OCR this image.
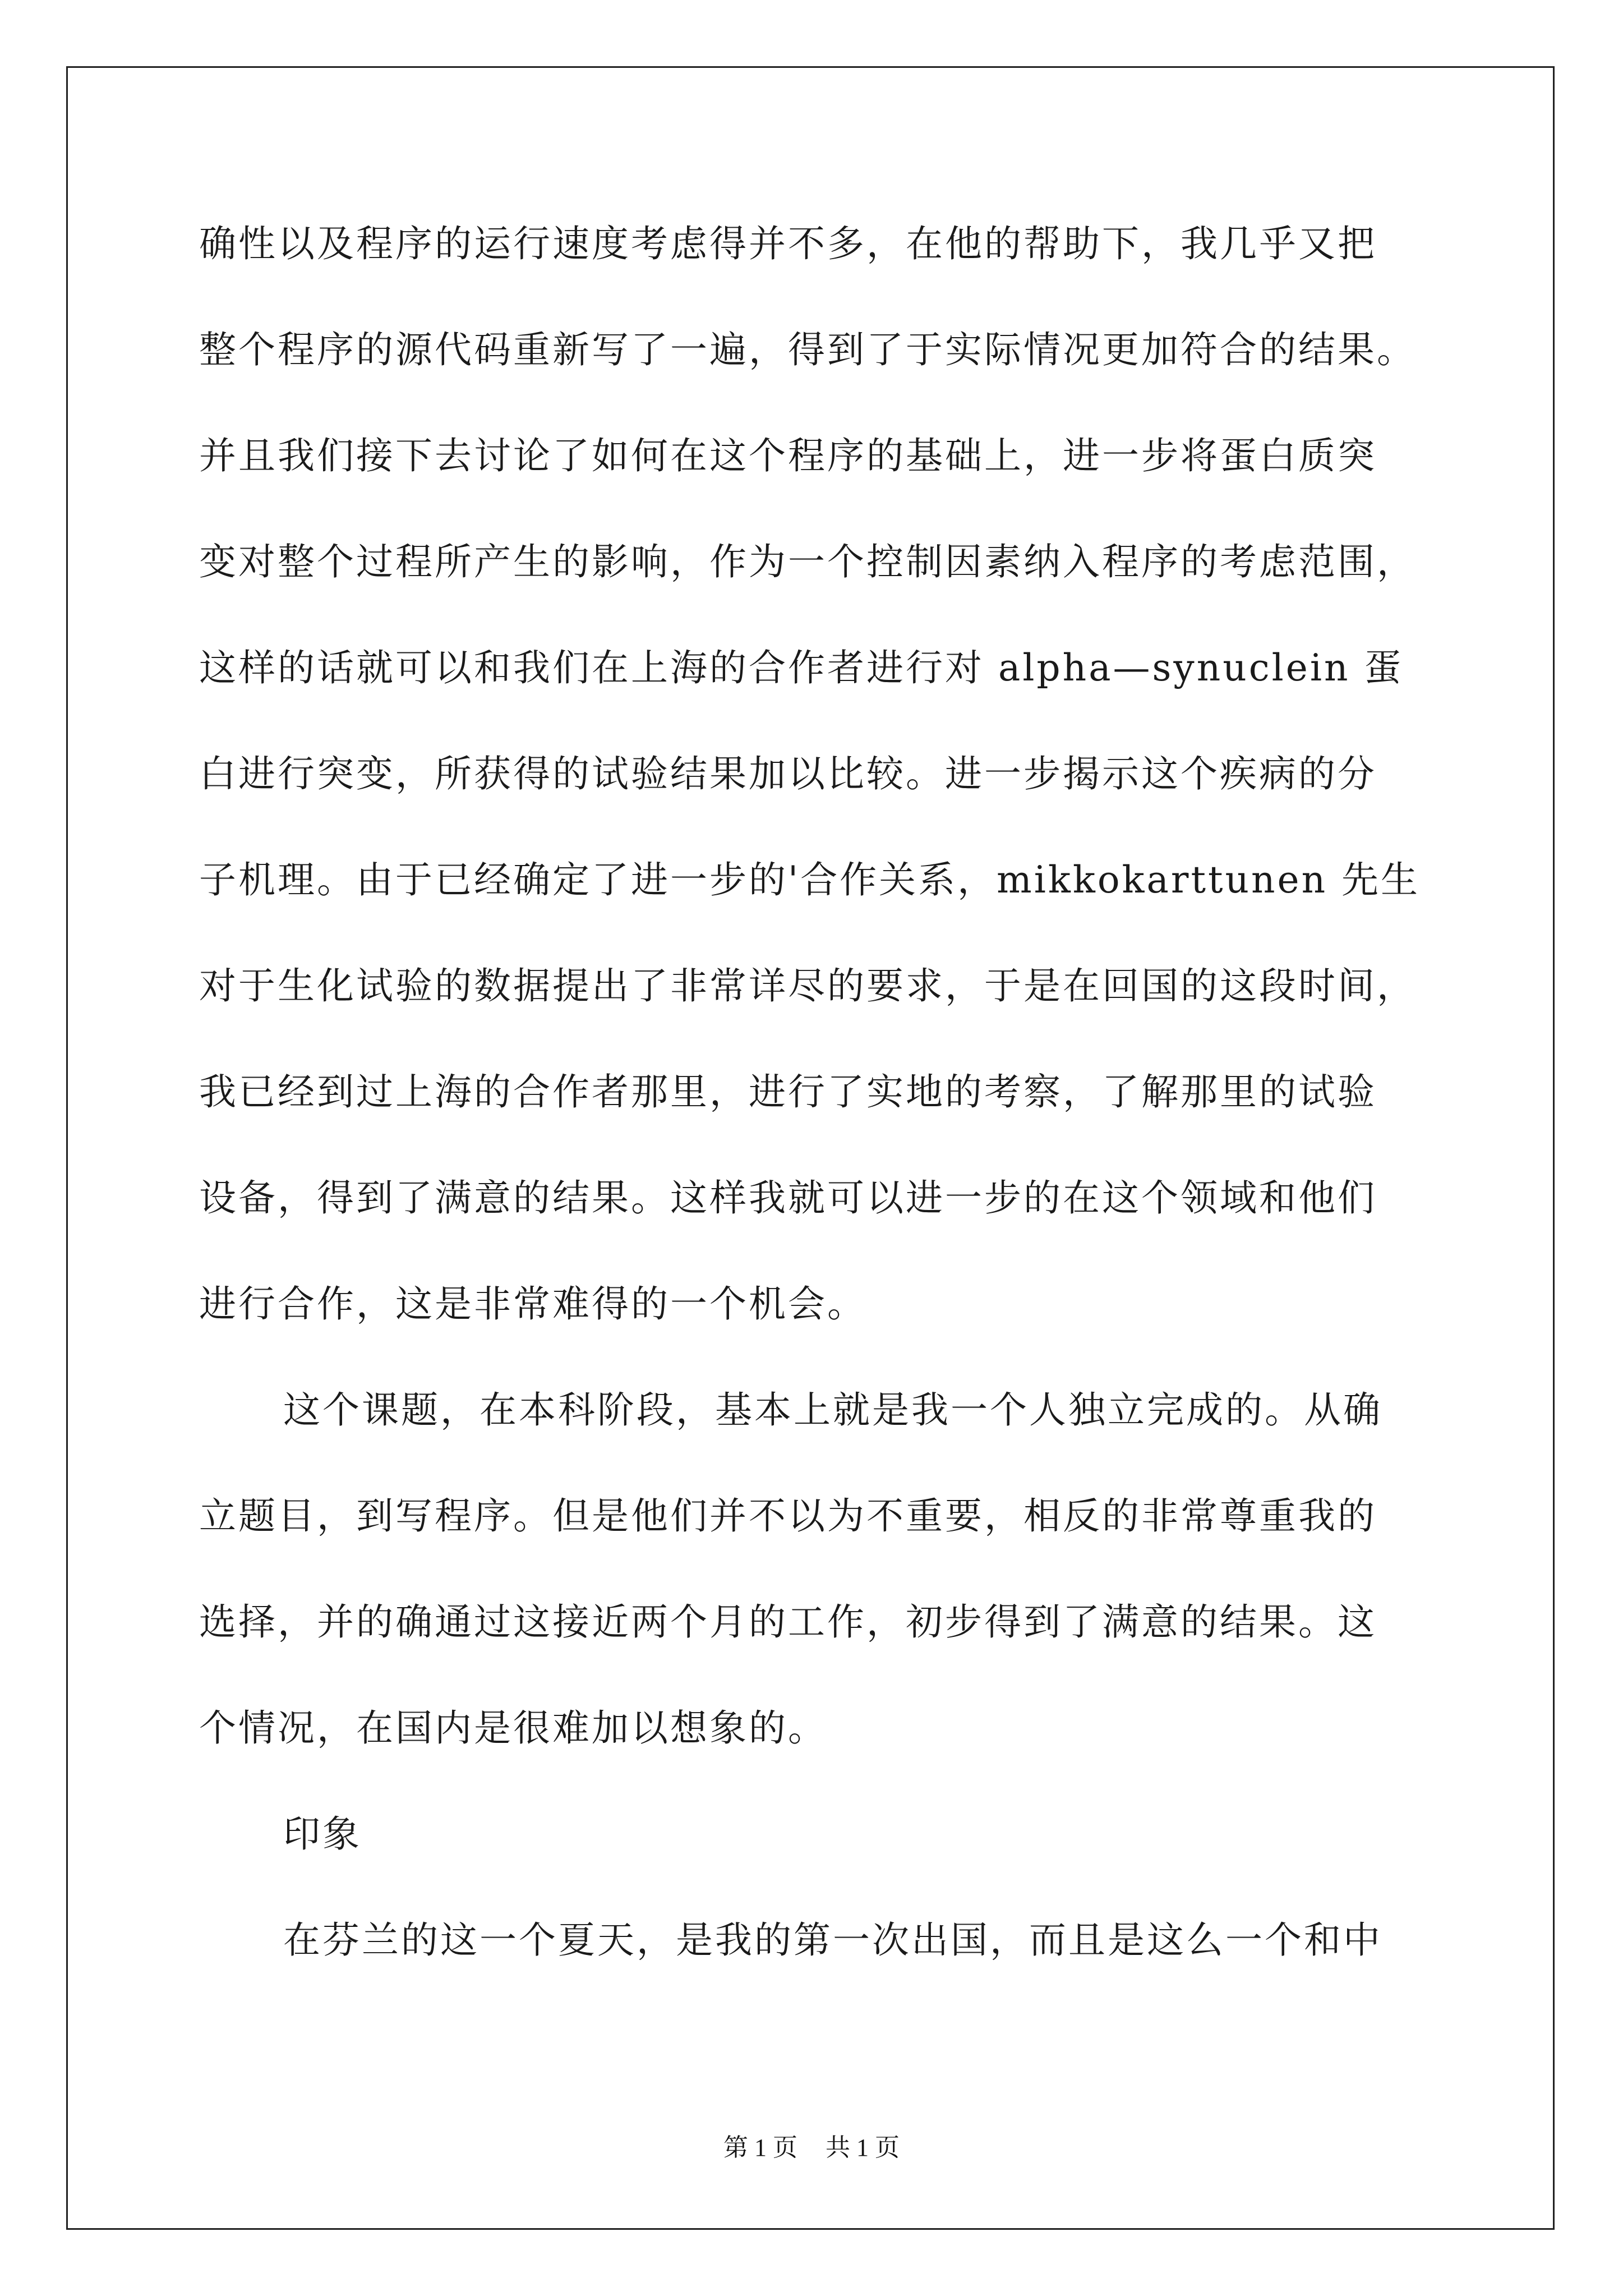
确性以及程序的运行速度考虑得并不多，在他的帮助下，我几乎又把
整个程序的源代码重新写了一遍，得到了于实际情况更加符合的结果。
并且我们接下去讨论了如何在这个程序的基础上，进一步将蛋白质突
变对整个过程所产生的影响，作为一个控制因素纳入程序的考虑范围，
这样的话就可以和我们在上海的合作者进行对 alpha—synuclein 蛋
白进行突变，所获得的试验结果加以比较。进一步揭示这个疾病的分
子机理。由于已经确定了进一步的'合作关系，mikkokarttunen 先生
对于生化试验的数据提出了非常详尽的要求，于是在回国的这段时间，
我已经到过上海的合作者那里，进行了实地的考察，了解那里的试验
设备，得到了满意的结果。这样我就可以进一步的在这个领域和他们
进行合作，这是非常难得的一个机会。
这个课题，在本科阶段，基本上就是我一个人独立完成的。从确
立题目，到写程序。但是他们并不以为不重要，相反的非常尊重我的
选择，并的确通过这接近两个月的工作，初步得到了满意的结果。这
个情况，在国内是很难加以想象的。
印象
在芬兰的这一个夏天，是我的第一次出国，而且是这么一个和中
第 1 页 共 1 页
